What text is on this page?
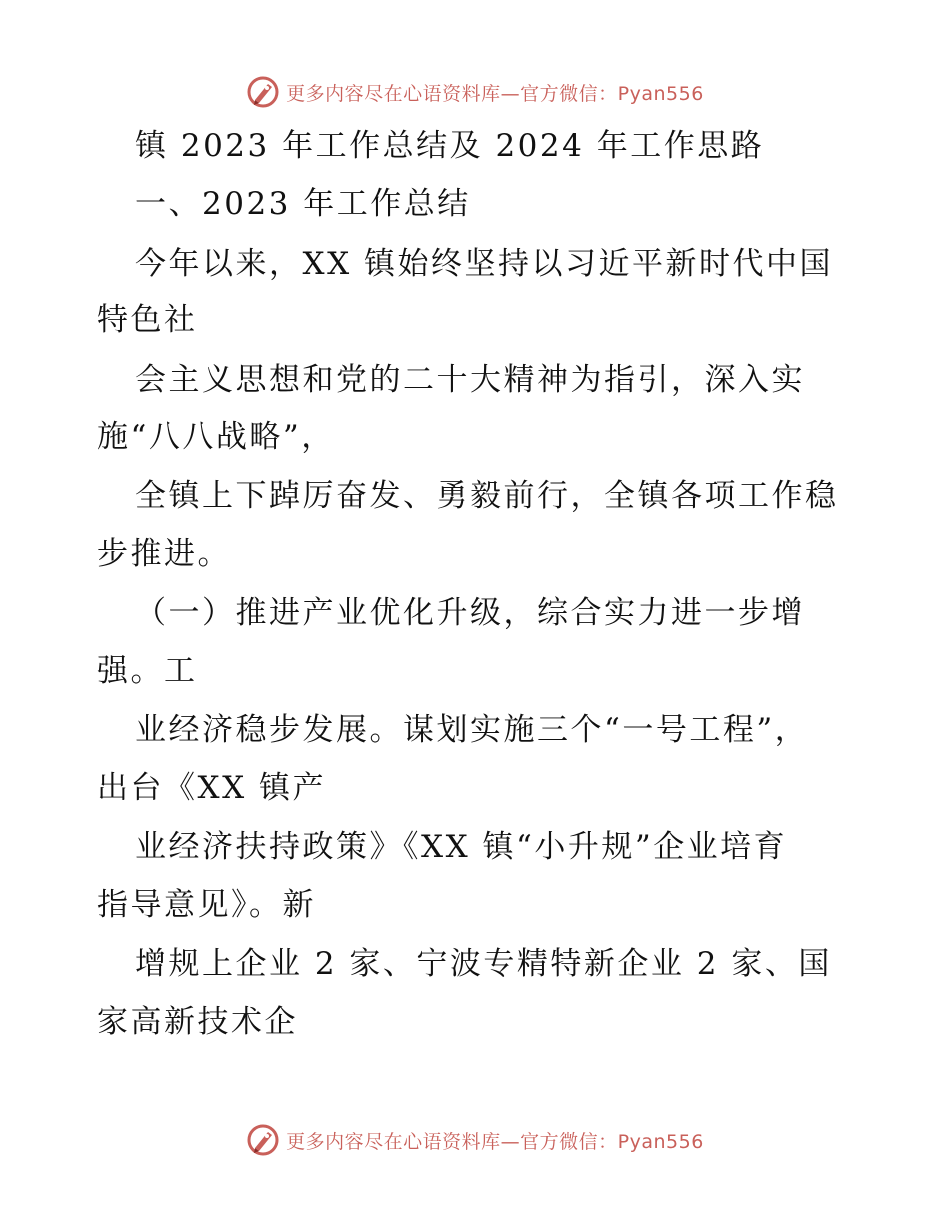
更多内容尽在心语资料库—官方微信：Pyan556
镇 2023 年工作总结及 2024 年工作思路
一、2023 年工作总结
今年以来，XX 镇始终坚持以习近平新时代中国
特色社
会主义思想和党的二十大精神为指引，深入实
施“八八战略”，
全镇上下踔厉奋发、勇毅前行，全镇各项工作稳
步推进。
（一）推进产业优化升级，综合实力进一步增
强。工
业经济稳步发展。谋划实施三个“一号工程”，
出台《XX 镇产
业经济扶持政策》《XX 镇“小升规”企业培育
指导意见》。新
增规上企业 2 家、宁波专精特新企业 2 家、国
家高新技术企
更多内容尽在心语资料库—官方微信：Pyan556
